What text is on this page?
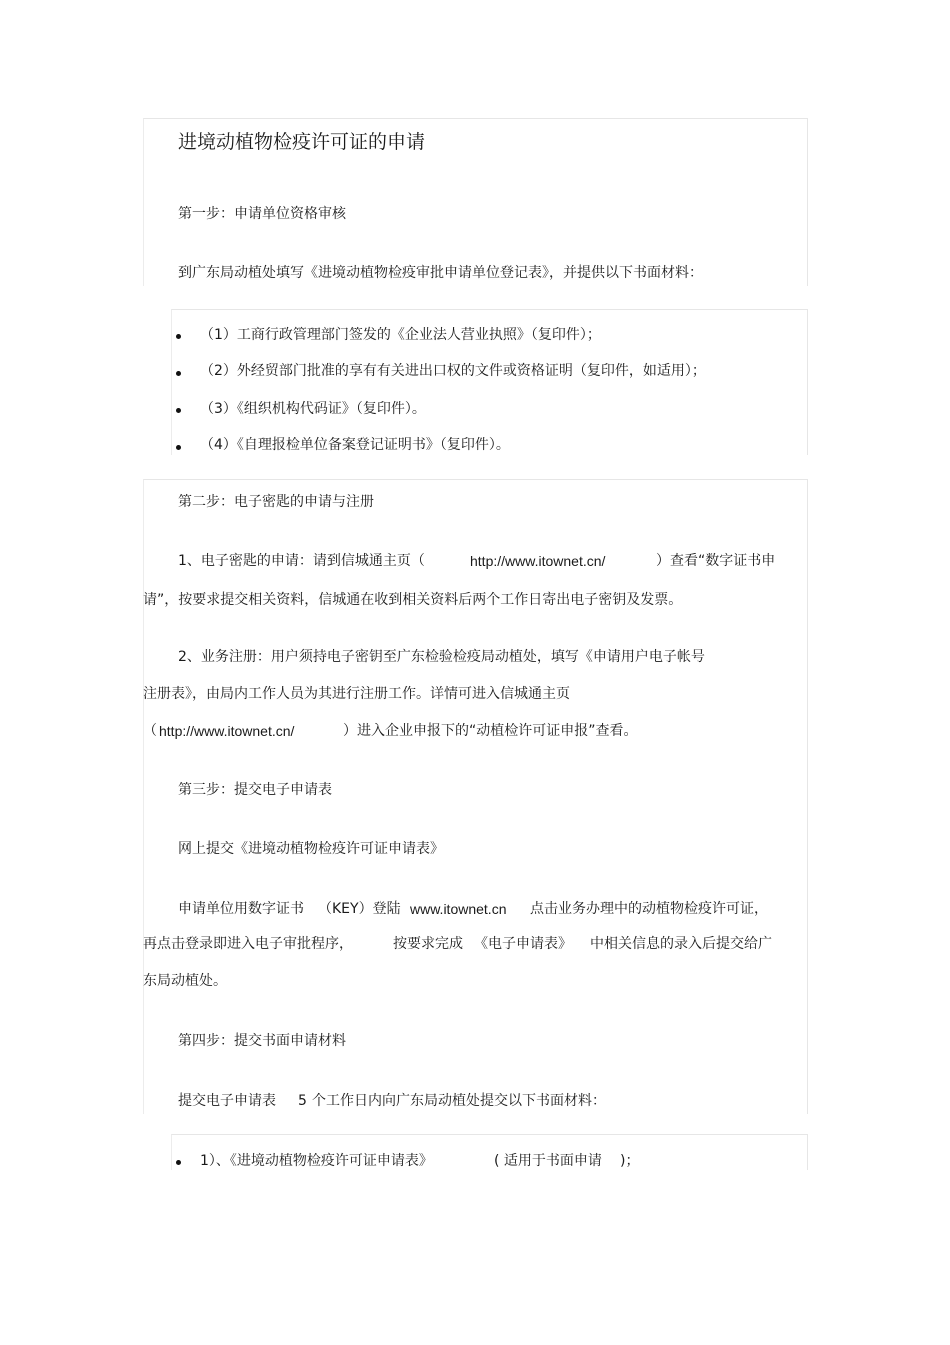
进境动植物检疫许可证的申请
第一步：申请单位资格审核
到广东局动植处填写《进境动植物检疫审批申请单位登记表》，并提供以下书面材料：
（1）工商行政管理部门签发的《企业法人营业执照》（复印件）；
（2）外经贸部门批准的享有有关进出口权的文件或资格证明（复印件，如适用）；
（3）《组织机构代码证》（复印件）。
（4）《自理报检单位备案登记证明书》（复印件）。
第二步：电子密匙的申请与注册
1、电子密匙的申请：请到信城通主页（	http://www.itownet.cn/	）查看“数字证书申
请”，按要求提交相关资料，信城通在收到相关资料后两个工作日寄出电子密钥及发票。
2、业务注册：用户须持电子密钥至广东检验检疫局动植处，填写《申请用户电子帐号
注册表》，由局内工作人员为其进行注册工作。详情可进入信城通主页
（ http://www.itownet.cn/	）进入企业申报下的“动植检许可证申报”查看。
第三步：提交电子申请表
网上提交《进境动植物检疫许可证申请表》
申请单位用数字证书 （KEY）登陆 www.itownet.cn 点击业务办理中的动植物检疫许可证，
再点击登录即进入电子审批程序，	按要求完成 《电子申请表》 中相关信息的录入后提交给广
东局动植处。
第四步：提交书面申请材料
提交电子申请表 5 个工作日内向广东局动植处提交以下书面材料：
1）、《进境动植物检疫许可证申请表》	( 适用于书面申请 )；
